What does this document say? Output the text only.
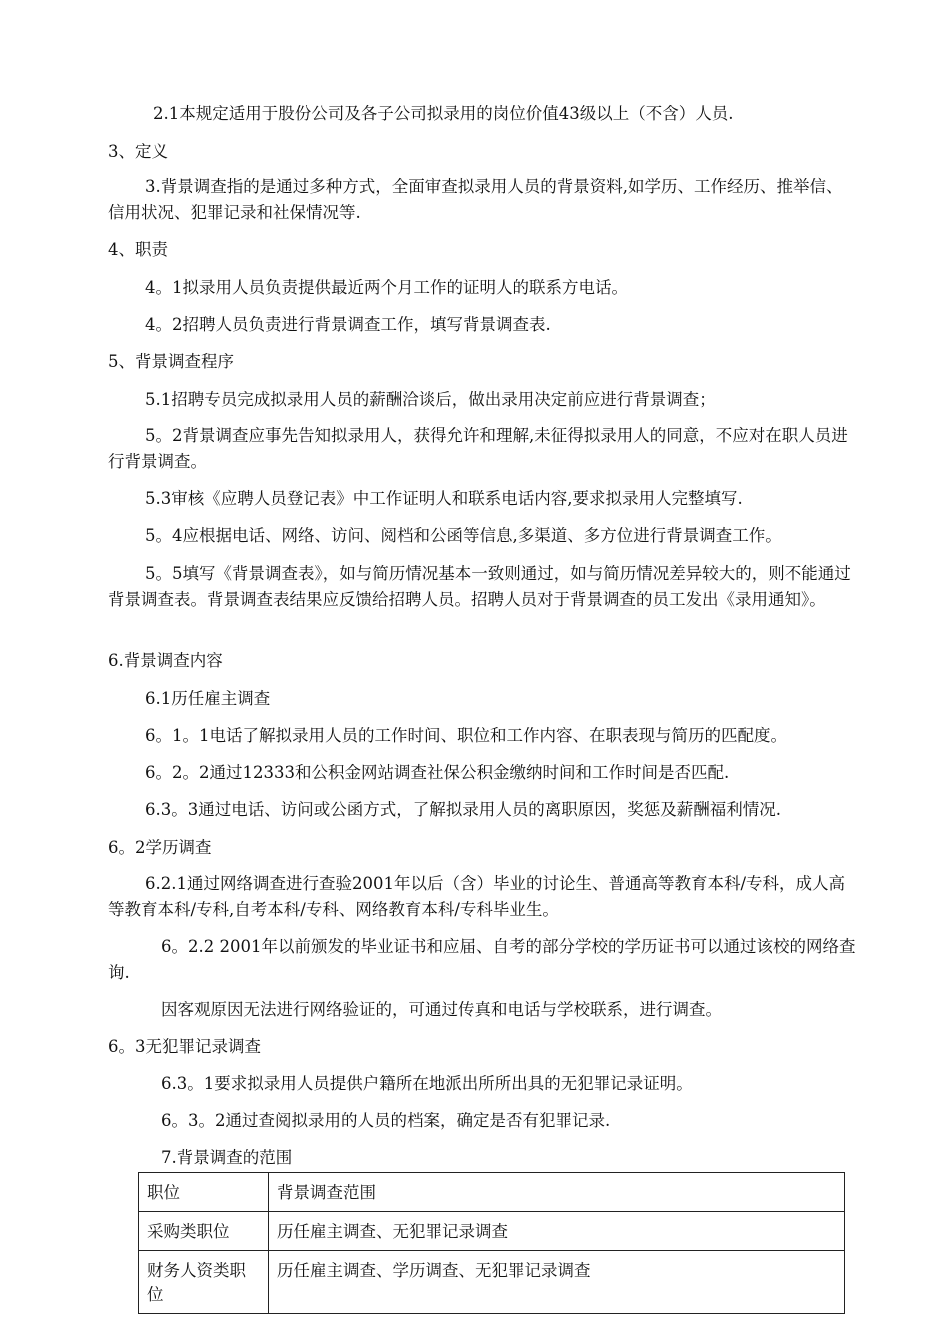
2.1本规定适用于股份公司及各子公司拟录用的岗位价值43级以上（不含）人员.
3、定义
3.背景调查指的是通过多种方式，全面审查拟录用人员的背景资料,如学历、工作经历、推举信、信用状况、犯罪记录和社保情况等.
4、职责
4。1拟录用人员负责提供最近两个月工作的证明人的联系方电话。
4。2招聘人员负责进行背景调查工作，填写背景调查表.
5、背景调查程序
5.1招聘专员完成拟录用人员的薪酬洽谈后，做出录用决定前应进行背景调查；
5。2背景调查应事先告知拟录用人，获得允许和理解,未征得拟录用人的同意，不应对在职人员进行背景调查。
5.3审核《应聘人员登记表》中工作证明人和联系电话内容,要求拟录用人完整填写.
5。4应根据电话、网络、访问、阅档和公函等信息,多渠道、多方位进行背景调查工作。
5。5填写《背景调查表》，如与简历情况基本一致则通过，如与简历情况差异较大的，则不能通过背景调查表。背景调查表结果应反馈给招聘人员。招聘人员对于背景调查的员工发出《录用通知》。
6.背景调查内容
6.1历任雇主调查
6。1。1电话了解拟录用人员的工作时间、职位和工作内容、在职表现与简历的匹配度。
6。2。2通过12333和公积金网站调查社保公积金缴纳时间和工作时间是否匹配.
6.3。3通过电话、访问或公函方式，了解拟录用人员的离职原因，奖惩及薪酬福利情况.
6。2学历调查
6.2.1通过网络调查进行查验2001年以后（含）毕业的讨论生、普通高等教育本科/专科，成人高等教育本科/专科,自考本科/专科、网络教育本科/专科毕业生。
6。2.2 2001年以前颁发的毕业证书和应届、自考的部分学校的学历证书可以通过该校的网络查询.
因客观原因无法进行网络验证的，可通过传真和电话与学校联系，进行调查。
6。3无犯罪记录调查
6.3。1要求拟录用人员提供户籍所在地派出所所出具的无犯罪记录证明。
6。3。2通过查阅拟录用的人员的档案，确定是否有犯罪记录.
7.背景调查的范围
职位	背景调查范围
采购类职位	历任雇主调查、无犯罪记录调查
财务人资类职位	历任雇主调查、学历调查、无犯罪记录调查
